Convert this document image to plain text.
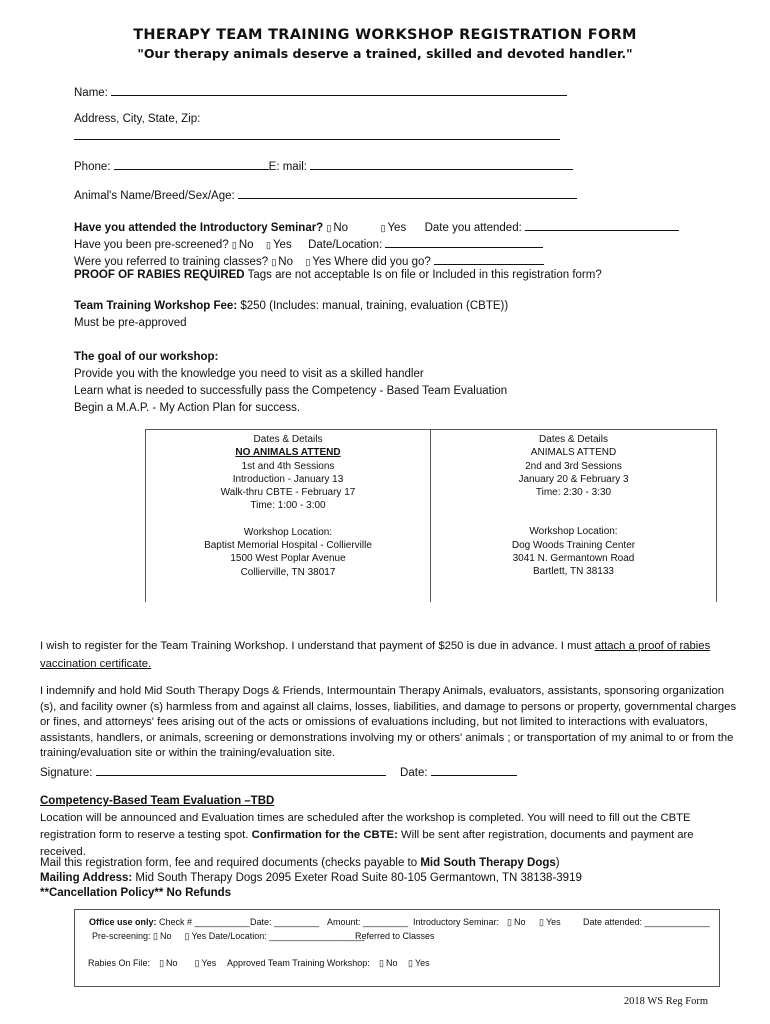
THERAPY TEAM TRAINING WORKSHOP REGISTRATION FORM
"Our therapy animals deserve a trained, skilled and devoted handler."
Name:
Address, City, State, Zip:
Phone:	E: mail:
Animal's Name/Breed/Sex/Age:
Have you attended the Introductory Seminar? ▯ No	▯ Yes Date you attended:
Have you been pre-screened? ▯ No ▯ Yes Date/Location:
Were you referred to training classes? ▯ No ▯ Yes Where did you go?
PROOF OF RABIES REQUIRED Tags are not acceptable Is on file or Included in this registration form?
Team Training Workshop Fee: $250 (Includes: manual, training, evaluation (CBTE))
Must be pre-approved
The goal of our workshop:
Provide you with the knowledge you need to visit as a skilled handler
Learn what is needed to successfully pass the Competency - Based Team Evaluation
Begin a M.A.P. - My Action Plan for success.
Dates & Details
NO ANIMALS ATTEND
1st and 4th Sessions
Introduction - January 13
Walk-thru CBTE - February 17
Time: 1:00 - 3:00
Workshop Location:
Baptist Memorial Hospital - Collierville
1500 West Poplar Avenue
Collierville, TN 38017
Dates & Details
ANIMALS ATTEND
2nd and 3rd Sessions
January 20 & February 3
Time: 2:30 - 3:30
Workshop Location:
Dog Woods Training Center
3041 N. Germantown Road
Bartlett, TN 38133
I wish to register for the Team Training Workshop. I understand that payment of $250 is due in advance. I must attach a proof of rabies vaccination certificate.
I indemnify and hold Mid South Therapy Dogs & Friends, Intermountain Therapy Animals, evaluators, assistants, sponsoring organization (s), and facility owner (s) harmless from and against all claims, losses, liabilities, and damage to persons or property, governmental charges or fines, and attorneys' fees arising out of the acts or omissions of evaluations including, but not limited to interactions with evaluators, assistants, handlers, or animals, screening or demonstrations involving my or others' animals ; or transportation of my animal to or from the training/evaluation site or within the training/evaluation site.
Signature:	Date:
Competency-Based Team Evaluation –TBD
Location will be announced and Evaluation times are scheduled after the workshop is completed. You will need to fill out the CBTE registration form to reserve a testing spot. Confirmation for the CBTE: Will be sent after registration, documents and payment are received.
Mail this registration form, fee and required documents (checks payable to Mid South Therapy Dogs)
Mailing Address: Mid South Therapy Dogs 2095 Exeter Road Suite 80-105 Germantown, TN 38138-3919
**Cancellation Policy** No Refunds
Office use only: Check # ___________ Date: _________ Amount: _________ Introductory Seminar: ▯ No ▯ Yes Date attended: _____________
Pre-screening: ▯ No ▯ Yes Date/Location: ___________________
Referred to Classes
Rabies On File: ▯ No ▯ Yes Approved Team Training Workshop: ▯ No ▯ Yes
2018 WS Reg Form
